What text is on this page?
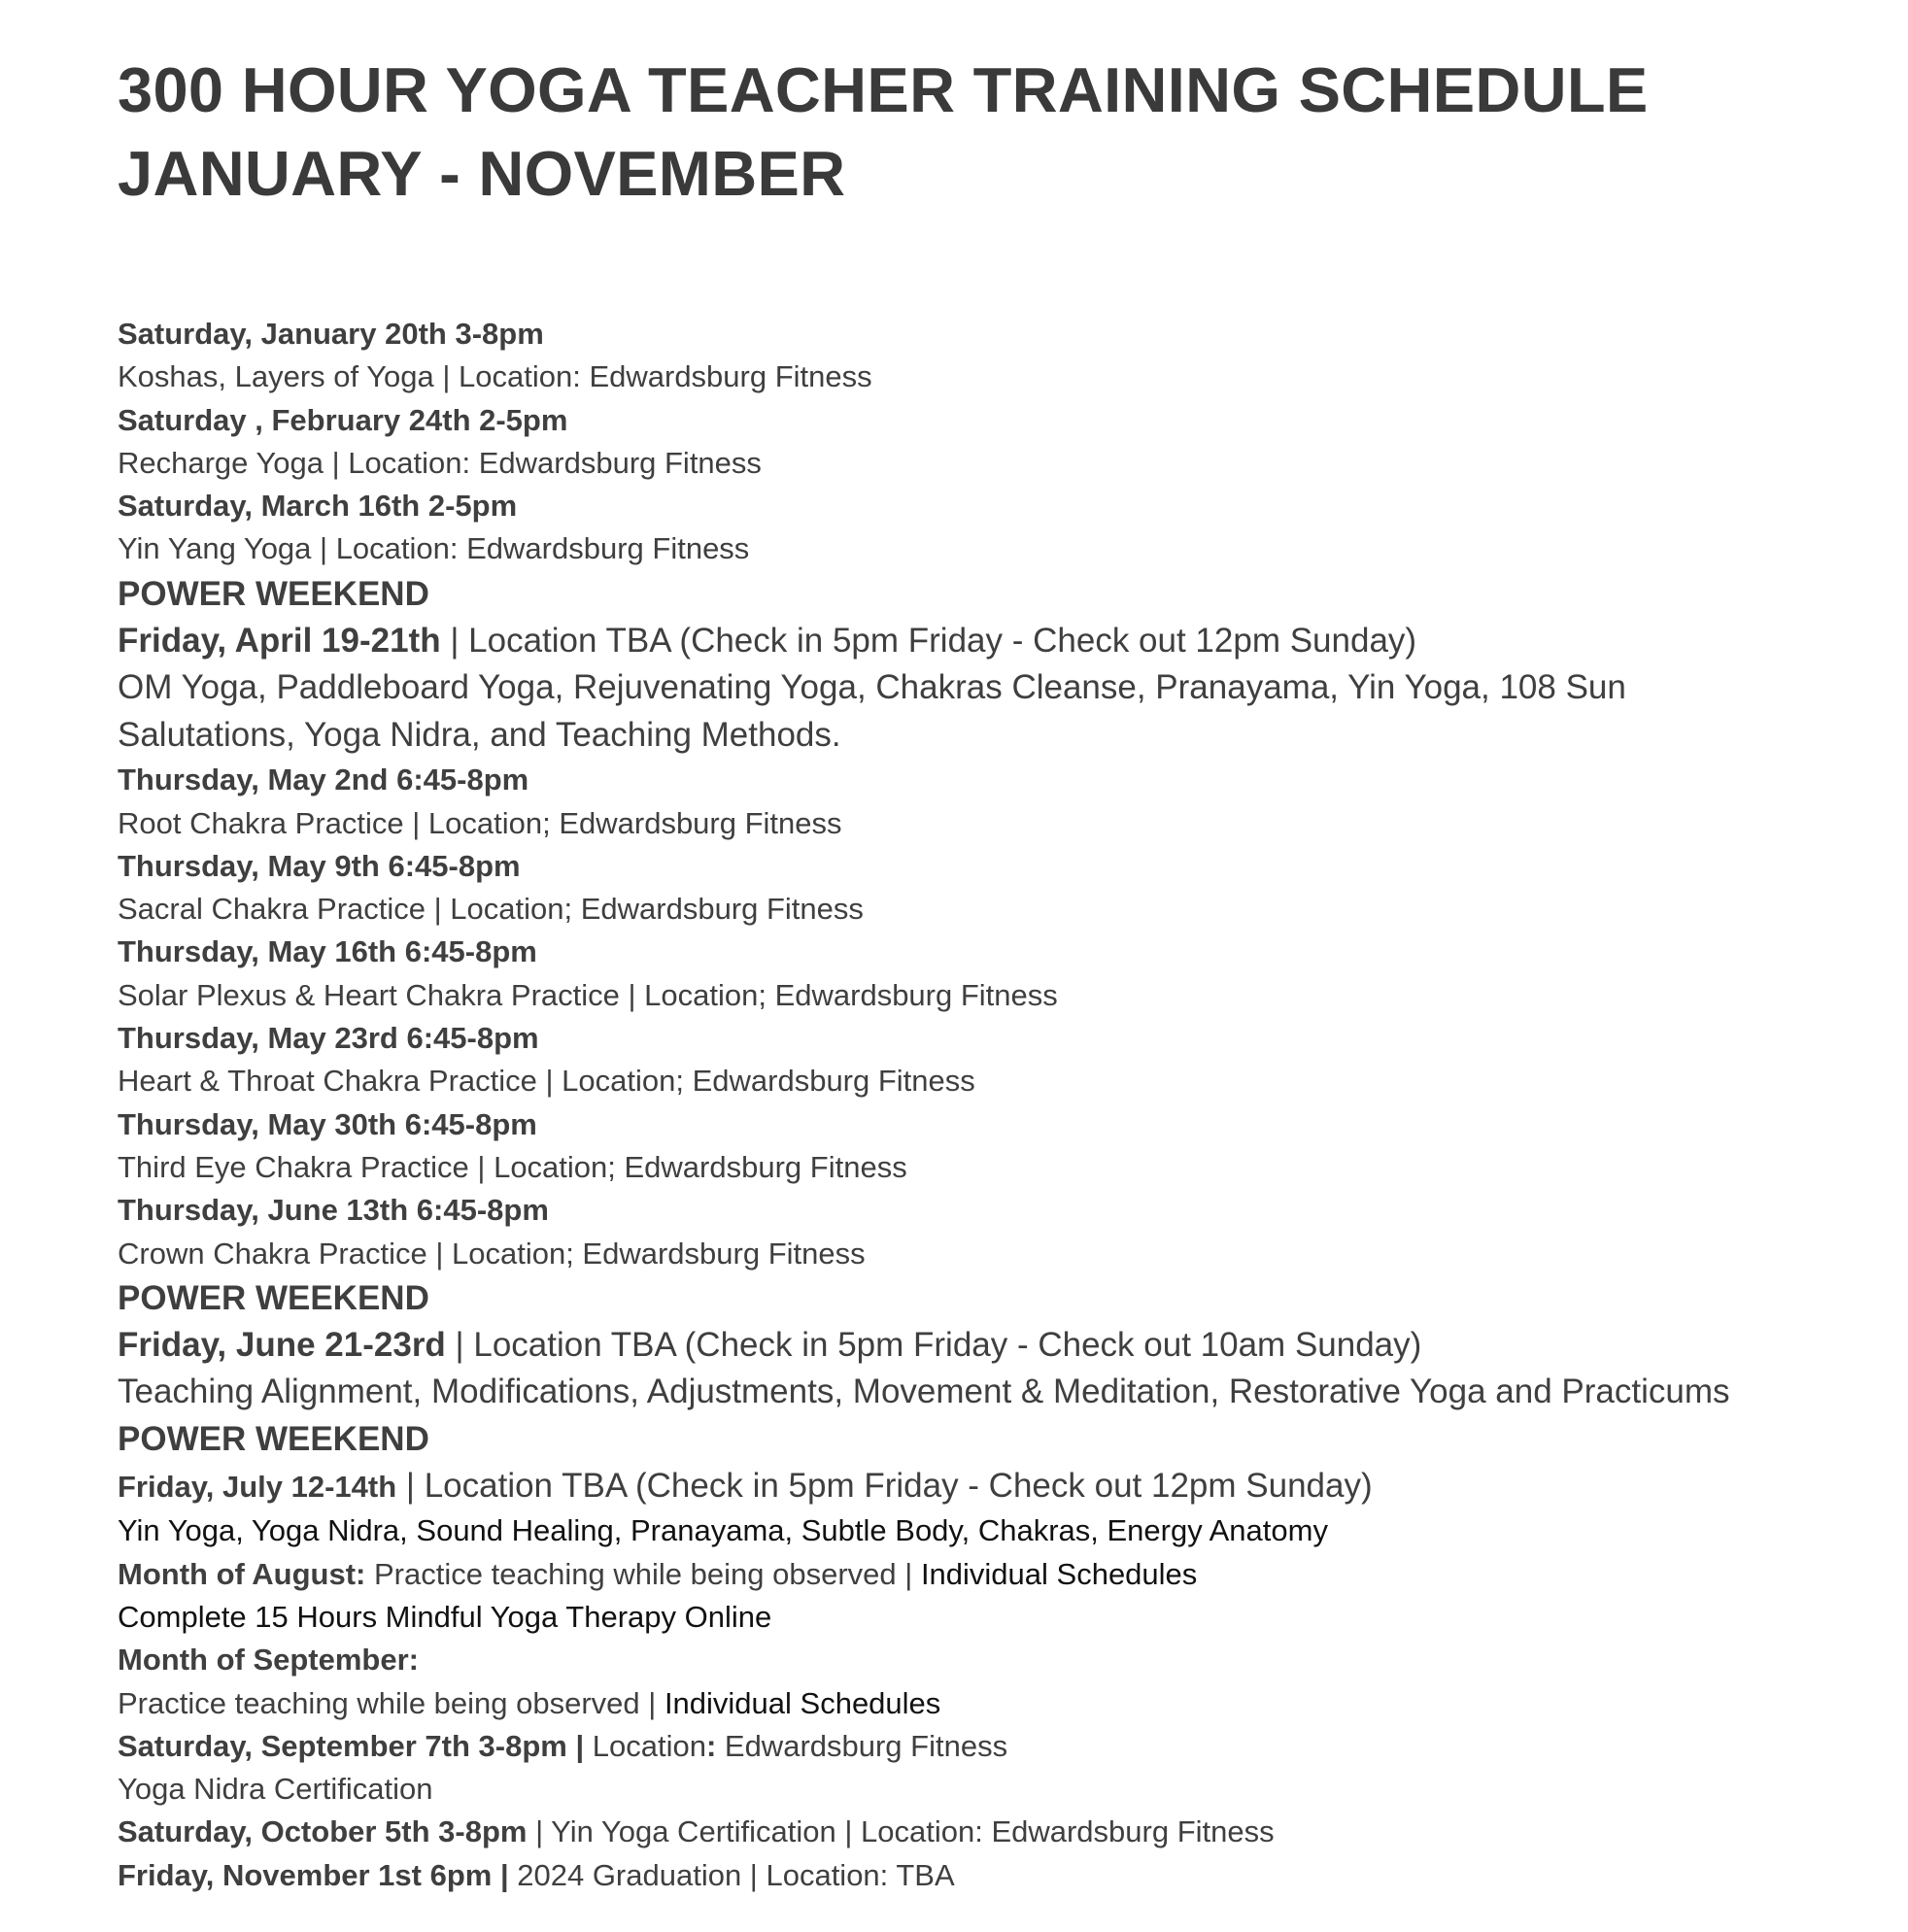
300 HOUR YOGA TEACHER TRAINING SCHEDULE
JANUARY - NOVEMBER

Saturday, January 20th 3-8pm

Koshas, Layers of Yoga | Location: Edwardsburg Fitness

Saturday , February 24th 2-5pm

Recharge Yoga | Location: Edwardsburg Fitness

Saturday, March 16th 2-5pm

Yin Yang Yoga | Location: Edwardsburg Fitness

POWER WEEKEND

Friday, April 19-21th | Location TBA (Check in 5pm Friday - Check out 12pm Sunday)

OM Yoga, Paddleboard Yoga, Rejuvenating Yoga, Chakras Cleanse, Pranayama, Yin Yoga, 108 Sun Salutations, Yoga Nidra, and Teaching Methods.

Thursday, May 2nd 6:45-8pm

Root Chakra Practice | Location; Edwardsburg Fitness

Thursday, May 9th 6:45-8pm

Sacral Chakra Practice | Location; Edwardsburg Fitness

Thursday, May 16th 6:45-8pm

Solar Plexus & Heart Chakra Practice | Location; Edwardsburg Fitness

Thursday, May 23rd 6:45-8pm

Heart & Throat Chakra Practice | Location; Edwardsburg Fitness

Thursday, May 30th 6:45-8pm

Third Eye Chakra Practice | Location; Edwardsburg Fitness

Thursday, June 13th 6:45-8pm

Crown Chakra Practice | Location; Edwardsburg Fitness

POWER WEEKEND

Friday, June 21-23rd | Location TBA (Check in 5pm Friday - Check out 10am Sunday)

Teaching Alignment, Modifications, Adjustments, Movement & Meditation, Restorative Yoga and Practicums

POWER WEEKEND

Friday, July 12-14th | Location TBA (Check in 5pm Friday - Check out 12pm Sunday)

Yin Yoga, Yoga Nidra, Sound Healing, Pranayama, Subtle Body, Chakras, Energy Anatomy

Month of August: Practice teaching while being observed | Individual Schedules

Complete 15 Hours Mindful Yoga Therapy Online

Month of September:

Practice teaching while being observed | Individual Schedules

Saturday, September 7th 3-8pm | Location: Edwardsburg Fitness

Yoga Nidra Certification

Saturday, October 5th 3-8pm | Yin Yoga Certification | Location: Edwardsburg Fitness

Friday, November 1st 6pm | 2024 Graduation | Location: TBA
